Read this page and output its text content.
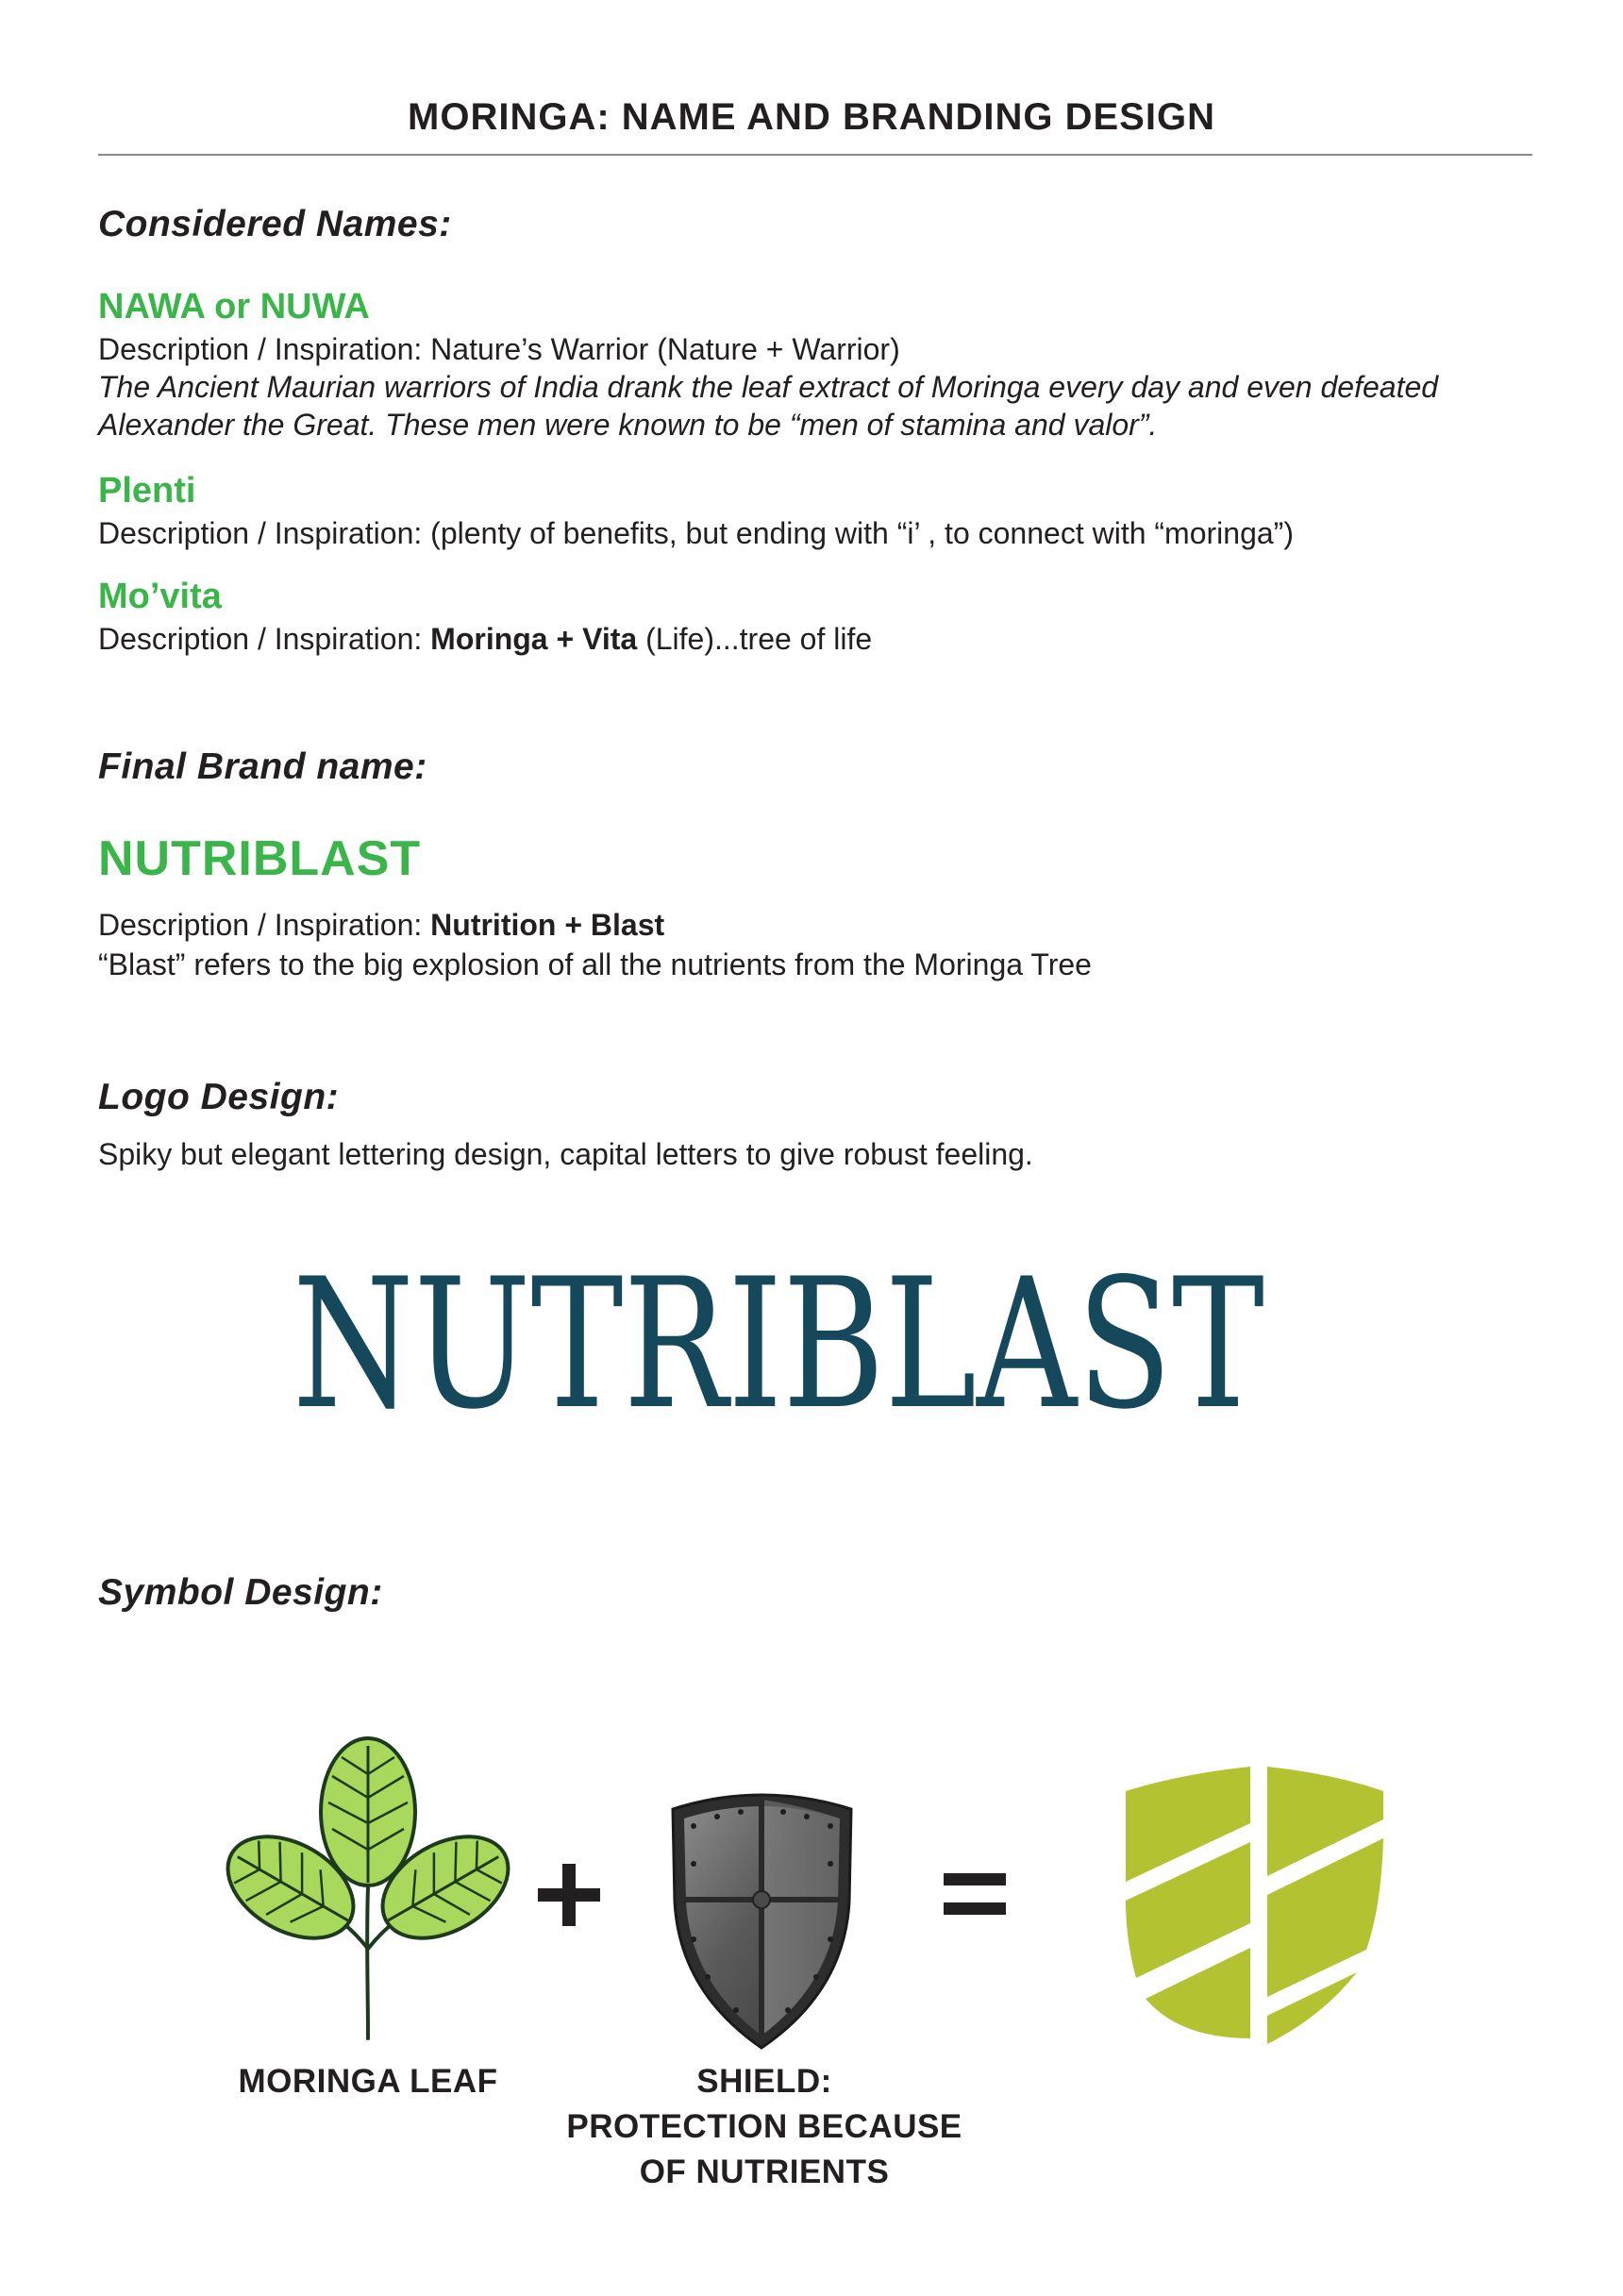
MORINGA: NAME AND BRANDING DESIGN
Considered Names:
NAWA or NUWA
Description / Inspiration: Nature’s Warrior (Nature + Warrior)
The Ancient Maurian warriors of India drank the leaf extract of Moringa every day and even defeated Alexander the Great. These men were known to be “men of stamina and valor”.
Plenti
Description / Inspiration: (plenty of benefits, but ending with “i’ , to connect with “moringa”)
Mo’vita
Description / Inspiration: Moringa + Vita (Life)...tree of life
Final Brand name:
NUTRIBLAST
Description / Inspiration: Nutrition + Blast
“Blast” refers to the big explosion of all the nutrients from the Moringa Tree
Logo Design:
Spiky but elegant lettering design, capital letters to give robust feeling.
NUTRIBLAST
Symbol Design:
MORINGA LEAF	SHIELD:
PROTECTION BECAUSE
OF NUTRIENTS
